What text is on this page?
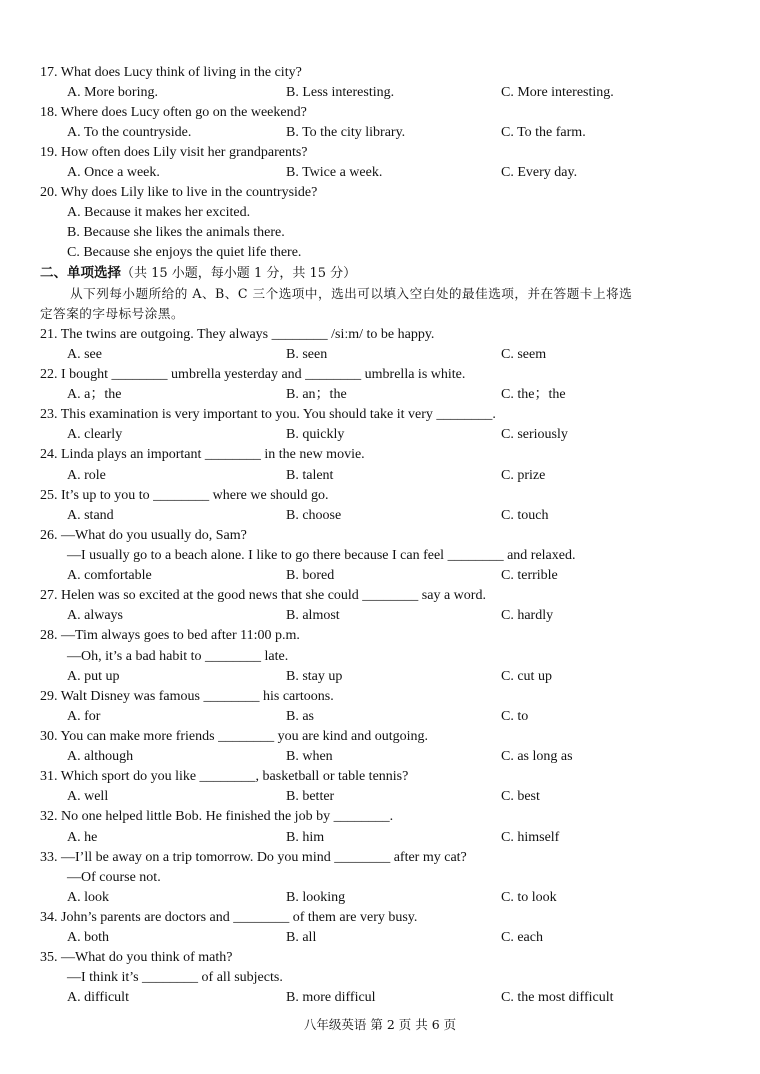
17. What does Lucy think of living in the city?
A. More boring.	B. Less interesting.	C. More interesting.
18. Where does Lucy often go on the weekend?
A. To the countryside.	B. To the city library.	C. To the farm.
19. How often does Lily visit her grandparents?
A. Once a week.	B. Twice a week.	C. Every day.
20. Why does Lily like to live in the countryside?
A. Because it makes her excited.
B. Because she likes the animals there.
C. Because she enjoys the quiet life there.
二、单项选择（共 15 小题，每小题 1 分，共 15 分）
从下列每小题所给的 A、B、C 三个选项中，选出可以填入空白处的最佳选项，并在答题卡上将选
定答案的字母标号涂黑。
21. The twins are outgoing. They always ________ /siːm/ to be happy.
A. see	B. seen	C. seem
22. I bought ________ umbrella yesterday and ________ umbrella is white.
A. a；the	B. an；the	C. the；the
23. This examination is very important to you. You should take it very ________.
A. clearly	B. quickly	C. seriously
24. Linda plays an important ________ in the new movie.
A. role	B. talent	C. prize
25. It’s up to you to ________ where we should go.
A. stand	B. choose	C. touch
26. —What do you usually do, Sam?
—I usually go to a beach alone. I like to go there because I can feel ________ and relaxed.
A. comfortable	B. bored	C. terrible
27. Helen was so excited at the good news that she could ________ say a word.
A. always	B. almost	C. hardly
28. —Tim always goes to bed after 11:00 p.m.
—Oh, it’s a bad habit to ________ late.
A. put up	B. stay up	C. cut up
29. Walt Disney was famous ________ his cartoons.
A. for	B. as	C. to
30. You can make more friends ________ you are kind and outgoing.
A. although	B. when	C. as long as
31. Which sport do you like ________, basketball or table tennis?
A. well	B. better	C. best
32. No one helped little Bob. He finished the job by ________.
A. he	B. him	C. himself
33. —I’ll be away on a trip tomorrow. Do you mind ________ after my cat?
—Of course not.
A. look	B. looking	C. to look
34. John’s parents are doctors and ________ of them are very busy.
A. both	B. all	C. each
35. —What do you think of math?
—I think it’s ________ of all subjects.
A. difficult	B. more difficul	C. the most difficult
八年级英语 第 2 页 共 6 页
